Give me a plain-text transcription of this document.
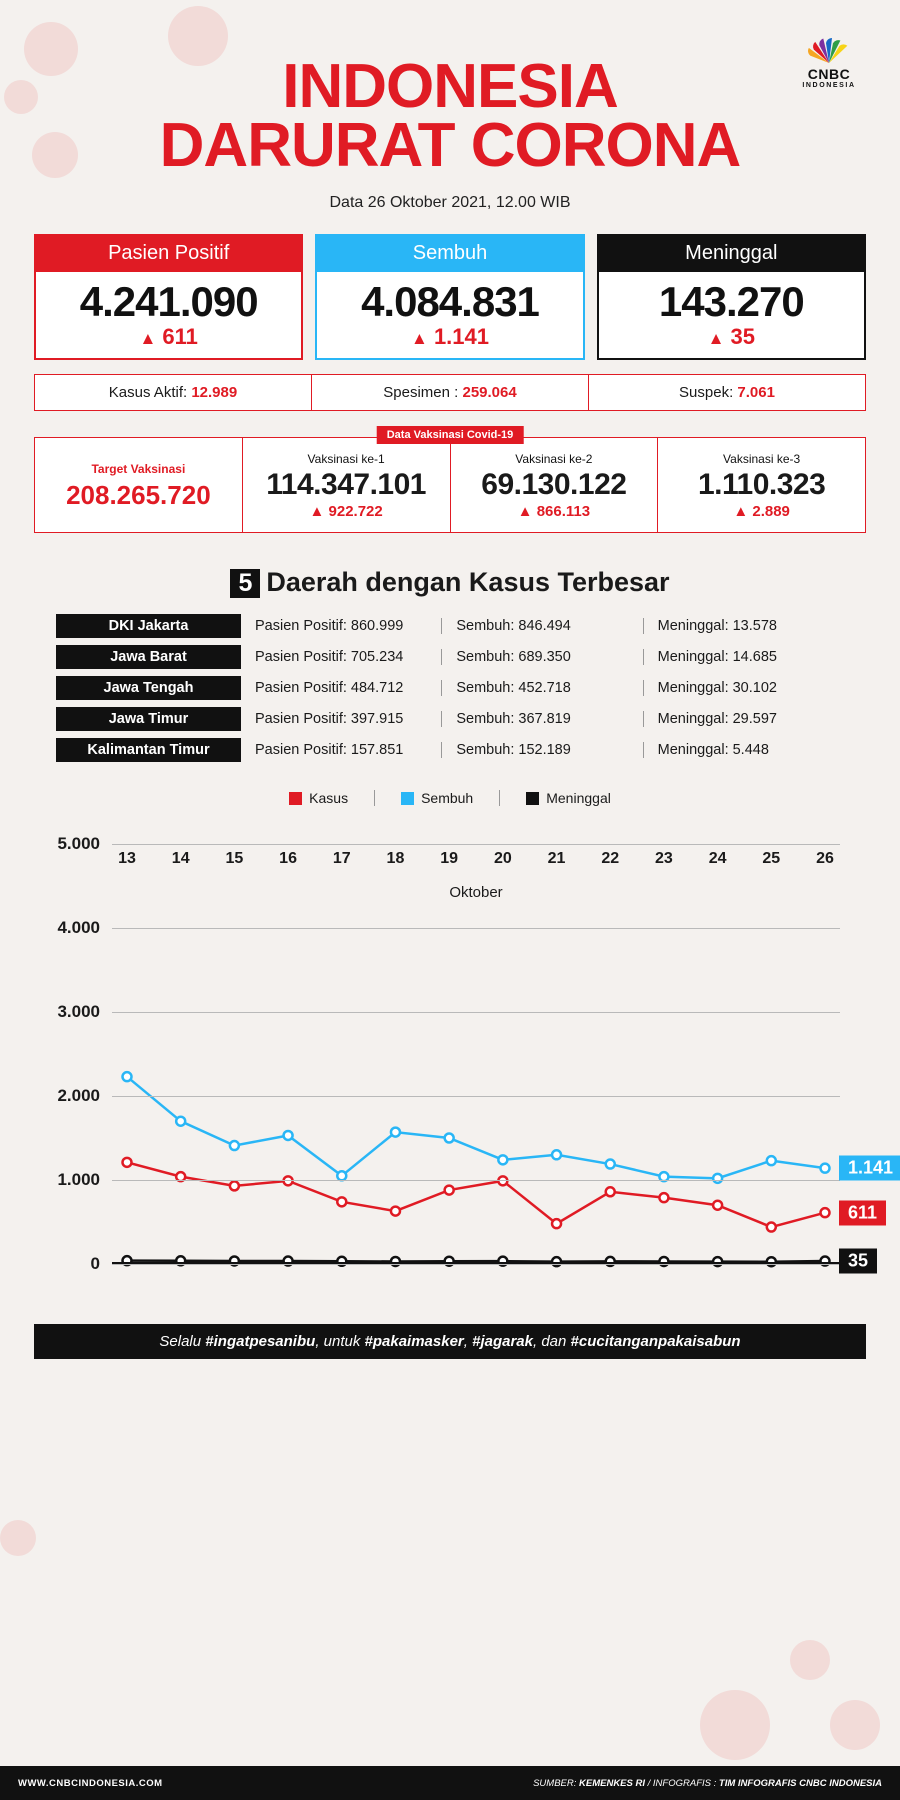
CNBC
INDONESIA
INDONESIA
DARURAT CORONA
Data 26 Oktober 2021, 12.00 WIB
Pasien Positif
4.241.090
▲ 611
Sembuh
4.084.831
▲ 1.141
Meninggal
143.270
▲ 35
Kasus Aktif: 12.989	Spesimen : 259.064	Suspek: 7.061
Data Vaksinasi Covid-19
Target Vaksinasi
208.265.720
Vaksinasi ke-1
114.347.101
▲ 922.722
Vaksinasi ke-2
69.130.122
▲ 866.113
Vaksinasi ke-3
1.110.323
▲ 2.889
5 Daerah dengan Kasus Terbesar
DKI Jakarta	Pasien Positif: 860.999	Sembuh: 846.494	Meninggal: 13.578
Jawa Barat	Pasien Positif: 705.234	Sembuh: 689.350	Meninggal: 14.685
Jawa Tengah	Pasien Positif: 484.712	Sembuh: 452.718	Meninggal: 30.102
Jawa Timur	Pasien Positif: 397.915	Sembuh: 367.819	Meninggal: 29.597
Kalimantan Timur	Pasien Positif: 157.851	Sembuh: 152.189	Meninggal: 5.448
Kasus	Sembuh	Meninggal
Oktober
0
1.000
2.000
3.000
4.000
5.000
13 14 15 16 17 18 19 20 21 22 23 24 25 26
611
1.141
35
Selalu #ingatpesanibu, untuk #pakaimasker, #jagarak, dan #cucitanganpakaisabun
WWW.CNBCINDONESIA.COM	SUMBER: KEMENKES RI / INFOGRAFIS : TIM INFOGRAFIS CNBC INDONESIA
